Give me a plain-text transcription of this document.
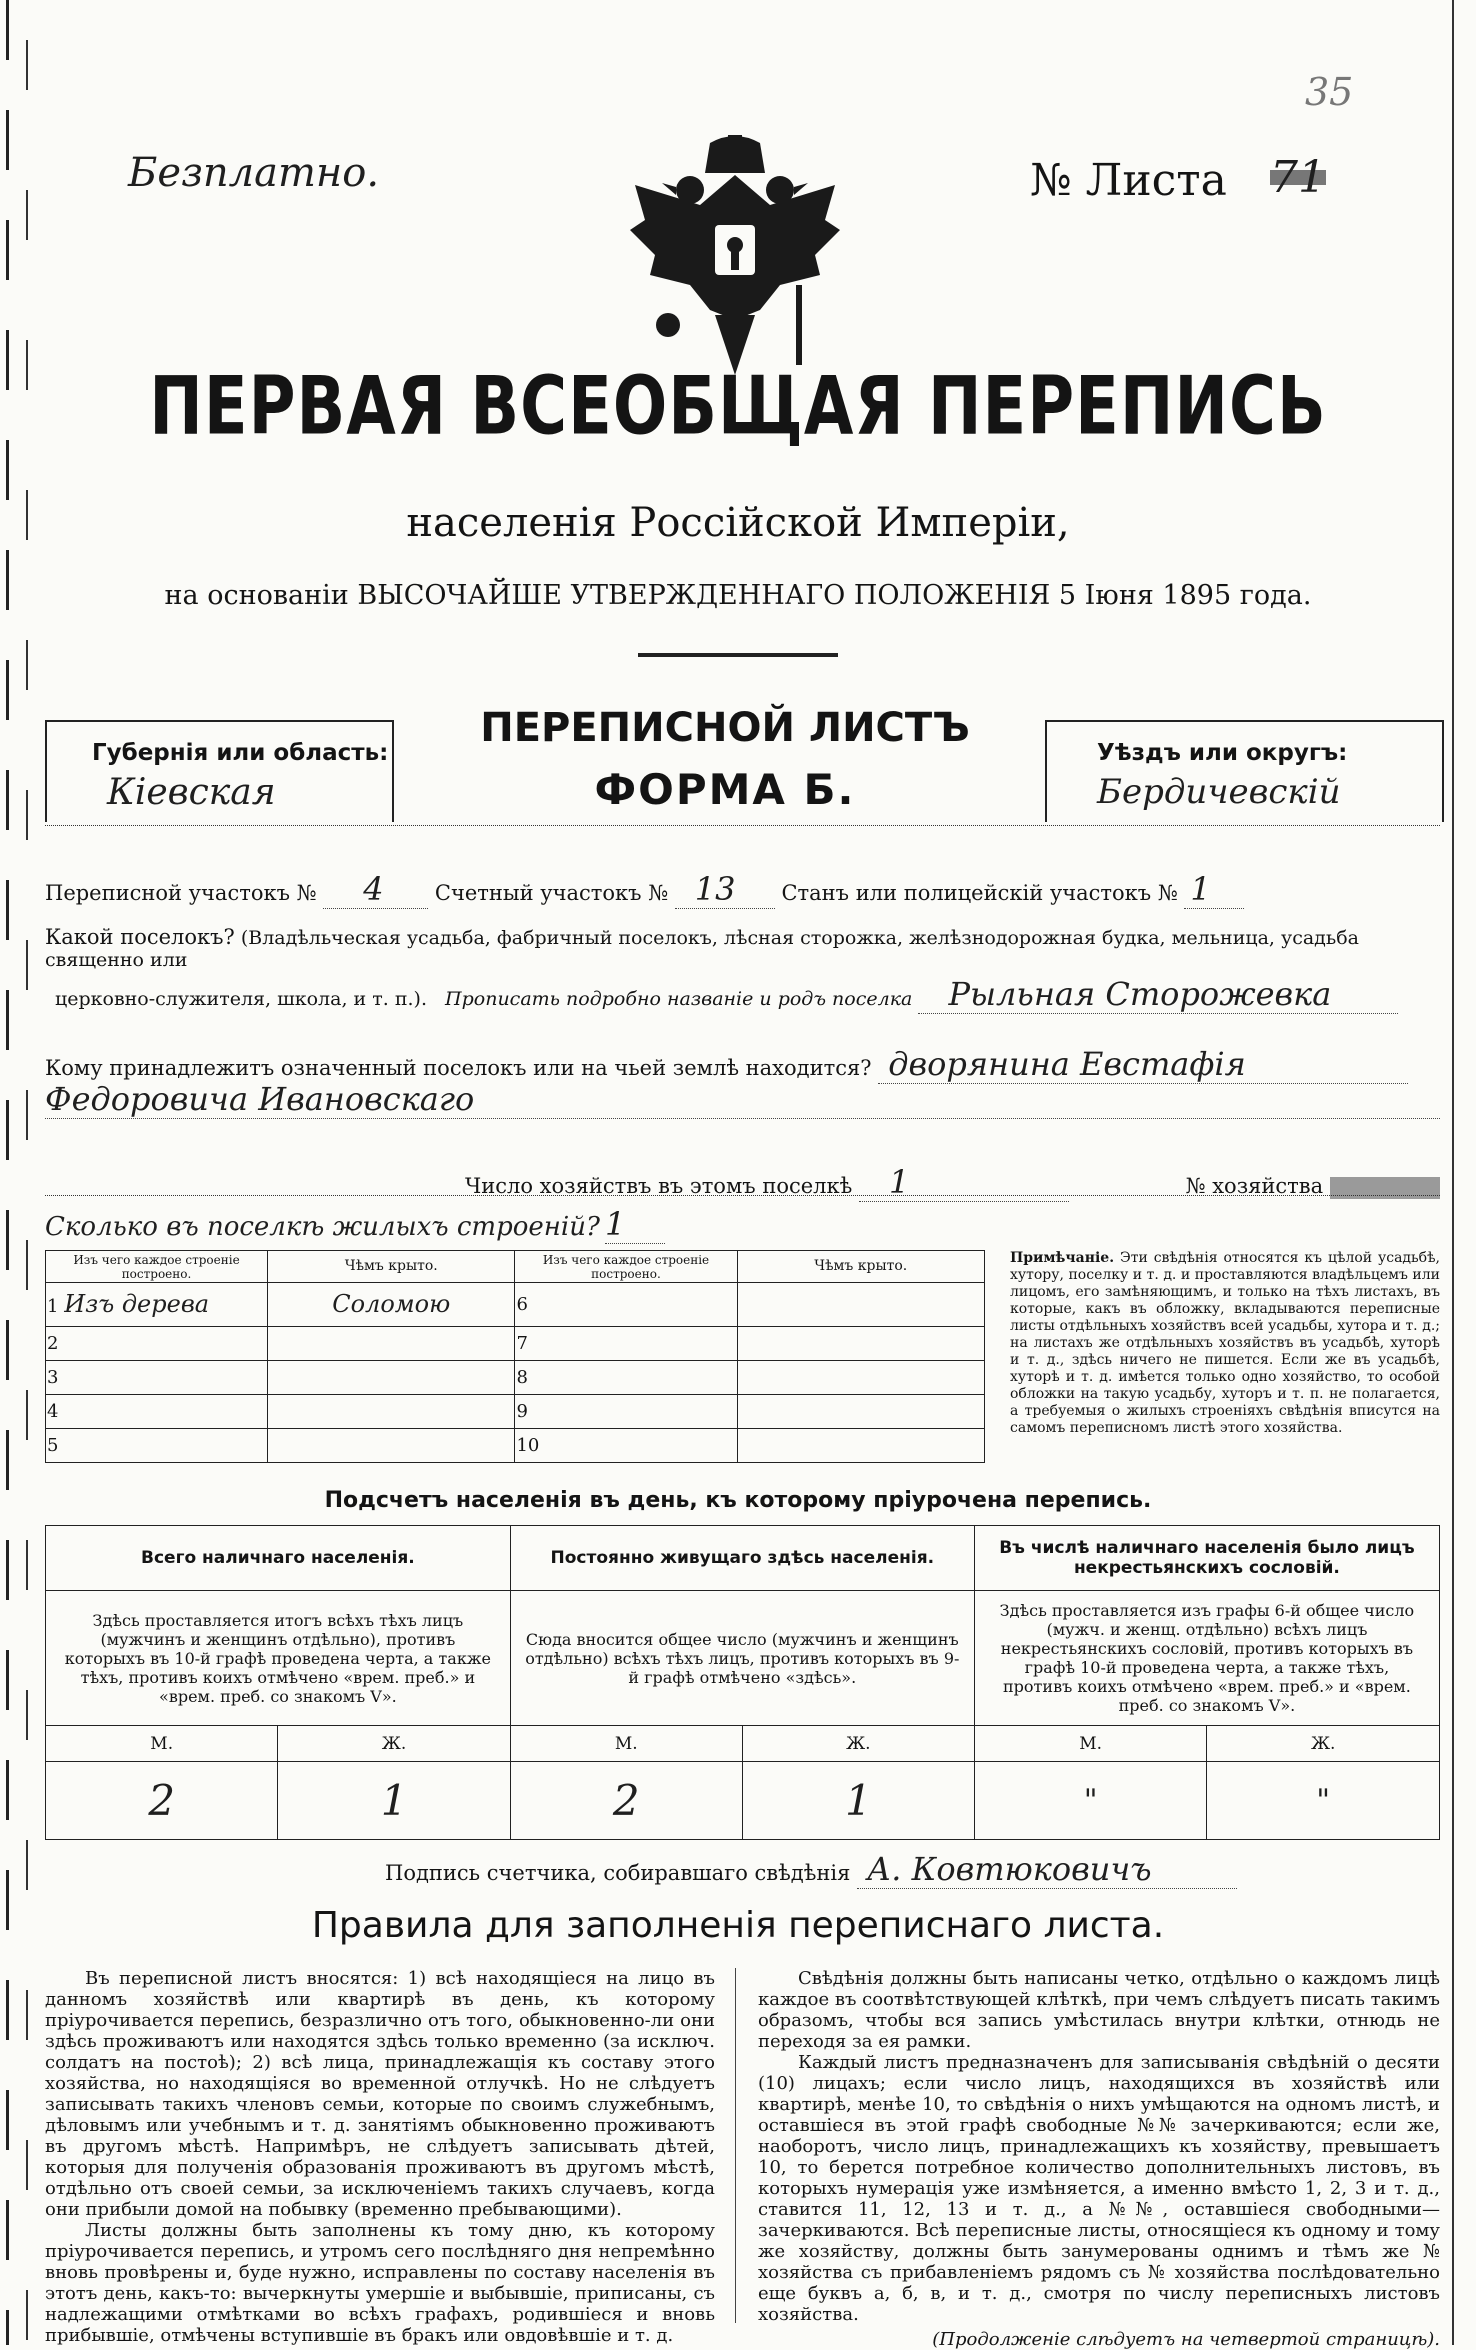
Безплатно.	№ Листа 71
35
ПЕРВАЯ ВСЕОБЩАЯ ПЕРЕПИСЬ
населенія Россійской Имперіи,
на основаніи ВЫСОЧАЙШЕ УТВЕРЖДЕННАГО ПОЛОЖЕНІЯ 5 Іюня 1895 года.
Губернія или область:
Кіевская
ПЕРЕПИСНОЙ ЛИСТЪ
ФОРМА Б.
Уѣздъ или округъ:
Бердичевскій
Переписной участокъ № 4 Счетный участокъ № 13 Станъ или полицейскій участокъ № 1
Какой поселокъ? (Владѣльческая усадьба, фабричный поселокъ, лѣсная сторожка, желѣзнодорожная будка, мельница, усадьба священно или
церковно-служителя, школа, и т. п.). Прописать подробно названіе и родъ поселка Рыльная Сторожевка
Кому принадлежитъ означенный поселокъ или на чьей землѣ находится? дворянина Евстафія
Федоровича Ивановскаго
Число хозяйствъ въ этомъ поселкѣ 1	№ хозяйства
Сколько въ поселкѣ жилыхъ строеній? 1
Изъ чего каждое строеніе построено.	Чѣмъ крыто.	Изъ чего каждое строеніе построено.	Чѣмъ крыто.
1 Изъ дерева	Соломою	6	
2		7	
3		8	
4		9	
5		10	
Примѣчаніе. Эти свѣдѣнія относятся къ цѣлой усадьбѣ, хутору, поселку и т. д. и проставляются владѣльцемъ или лицомъ, его замѣняющимъ, и только на тѣхъ листахъ, въ которые, какъ въ обложку, вкладываются переписные листы отдѣльныхъ хозяйствъ всей усадьбы, хутора и т. д.; на листахъ же отдѣльныхъ хозяйствъ въ усадьбѣ, хуторѣ и т. д., здѣсь ничего не пишется. Если же въ усадьбѣ, хуторѣ и т. д. имѣется только одно хозяйство, то особой обложки на такую усадьбу, хуторъ и т. п. не полагается, а требуемыя о жилыхъ строеніяхъ свѣдѣнія вписутся на самомъ переписномъ листѣ этого хозяйства.
Подсчетъ населенія въ день, къ которому пріурочена перепись.
Всего наличнаго населенія.		Постоянно живущаго здѣсь населенія.		Въ числѣ наличнаго населенія было лицъ некрестьянскихъ сословій.	
Здѣсь проставляется итогъ всѣхъ тѣхъ лицъ (мужчинъ и женщинъ отдѣльно), противъ которыхъ въ 10-й графѣ проведена черта, а также тѣхъ, противъ коихъ отмѣчено «врем. преб.» и «врем. преб. со знакомъ V».		Сюда вносится общее число (мужчинъ и женщинъ отдѣльно) всѣхъ тѣхъ лицъ, противъ которыхъ въ 9-й графѣ отмѣчено «здѣсь».		Здѣсь проставляется изъ графы 6-й общее число (мужч. и женщ. отдѣльно) всѣхъ лицъ некрестьянскихъ сословій, противъ которыхъ въ графѣ 10-й проведена черта, а также тѣхъ, противъ коихъ отмѣчено «врем. преб.» и «врем. преб. со знакомъ V».	
М.	Ж.	М.	Ж.	М.	Ж.
2	1	2	1	"	"
Подпись счетчика, собиравшаго свѣдѣнія А. Ковтюковичъ
Правила для заполненія переписнаго листа.

Въ переписной листъ вносятся: 1) всѣ находящіеся на лицо въ данномъ хозяйствѣ или квартирѣ въ день, къ которому пріурочивается перепись, безразлично отъ того, обыкновенно-ли они здѣсь проживаютъ или находятся здѣсь только временно (за исключ. солдатъ на постоѣ); 2) всѣ лица, принадлежащія къ составу этого хозяйства, но находящіяся во временной отлучкѣ. Но не слѣдуетъ записывать такихъ членовъ семьи, которые по своимъ служебнымъ, дѣловымъ или учебнымъ и т. д. занятіямъ обыкновенно проживаютъ въ другомъ мѣстѣ. Напримѣръ, не слѣдуетъ записывать дѣтей, которыя для полученія образованія проживаютъ въ другомъ мѣстѣ, отдѣльно отъ своей семьи, за исключеніемъ такихъ случаевъ, когда они прибыли домой на побывку (временно пребывающими).

Листы должны быть заполнены къ тому дню, къ которому пріурочивается перепись, и утромъ сего послѣдняго дня непремѣнно вновь провѣрены и, буде нужно, исправлены по составу населенія въ этотъ день, какъ-то: вычеркнуты умершіе и выбывшіе, приписаны, съ надлежащими отмѣтками во всѣхъ графахъ, родившіеся и вновь прибывшіе, отмѣчены вступившіе въ бракъ или овдовѣвшіе и т. д.

Свѣдѣнія должны быть написаны четко, отдѣльно о каждомъ лицѣ каждое въ соотвѣтствующей клѣткѣ, при чемъ слѣдуетъ писать такимъ образомъ, чтобы вся запись умѣстилась внутри клѣтки, отнюдь не переходя за ея рамки.

Каждый листъ предназначенъ для записыванія свѣдѣній о десяти (10) лицахъ; если число лицъ, находящихся въ хозяйствѣ или квартирѣ, менѣе 10, то свѣдѣнія о нихъ умѣщаются на одномъ листѣ, и оставшіеся въ этой графѣ свободные №№ зачеркиваются; если же, наоборотъ, число лицъ, принадлежащихъ къ хозяйству, превышаетъ 10, то берется потребное количество дополнительныхъ листовъ, въ которыхъ нумерація уже измѣняется, а именно вмѣсто 1, 2, 3 и т. д., ставится 11, 12, 13 и т. д., а №№, оставшіеся свободными—зачеркиваются. Всѣ переписные листы, относящіеся къ одному и тому же хозяйству, должны быть занумерованы однимъ и тѣмъ же № хозяйства съ прибавленіемъ рядомъ съ № хозяйства послѣдовательно еще буквъ а, б, в, и т. д., смотря по числу переписныхъ листовъ хозяйства.

(Продолженіе слѣдуетъ на четвертой страницѣ).
